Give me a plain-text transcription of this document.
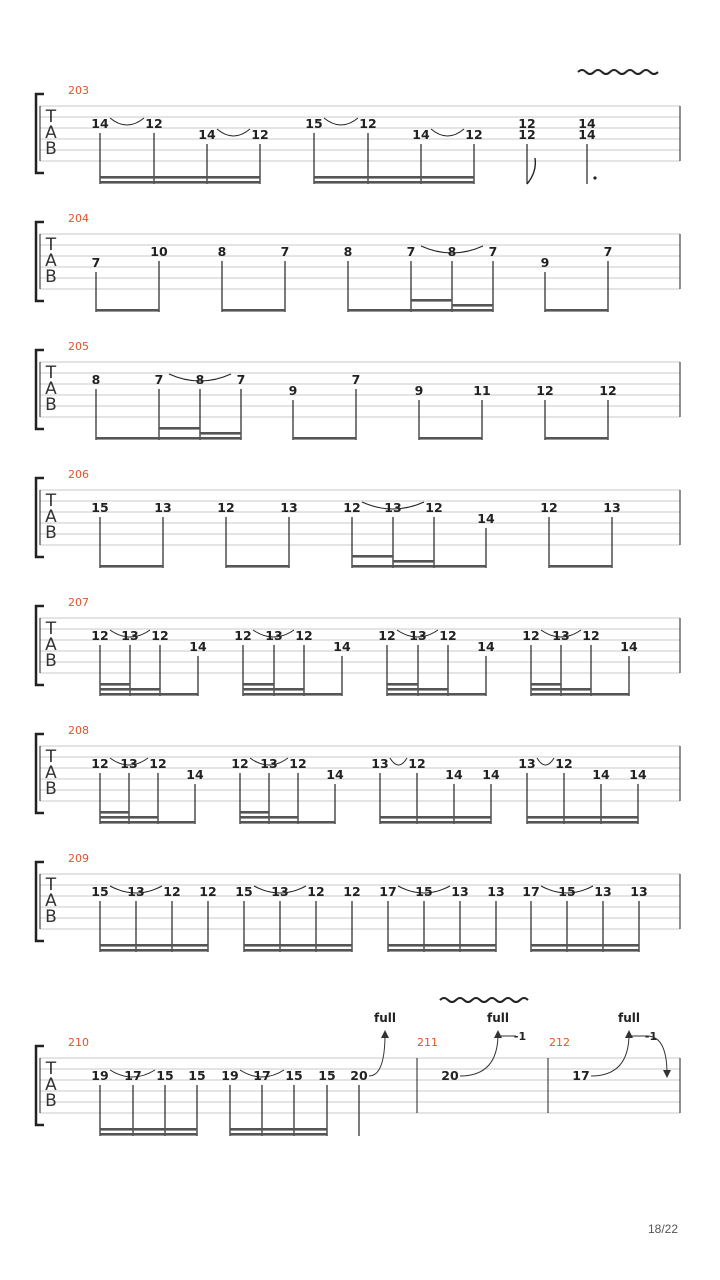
T
A
B
203
14	12
14	12
15	12
14	12
12
12
14
14
T
A
B
204
7
10	8	7	8	7	8	7
9
7
T
A
B
205
8	7	8	7
9
7
9	11	12	12
T
A
B
206
15	13	12	13	12 13 12
14
12	13
T
A
B
207
12 13 12
14
12 13 12
14
12 13 12
14
12 13 12
14
T
A
B
208
12 13 12
14
12 13 12
14
13 12
14 14
13 12
14 14
T
A
B
209
15 13 12 12 15 13 12 12 17 15 13 13 17 15 13 13
T
A
B
210
19 17 15 15 19 17 15 15 20
full
211
20
full
-1 212
17
full
-1
18/22
